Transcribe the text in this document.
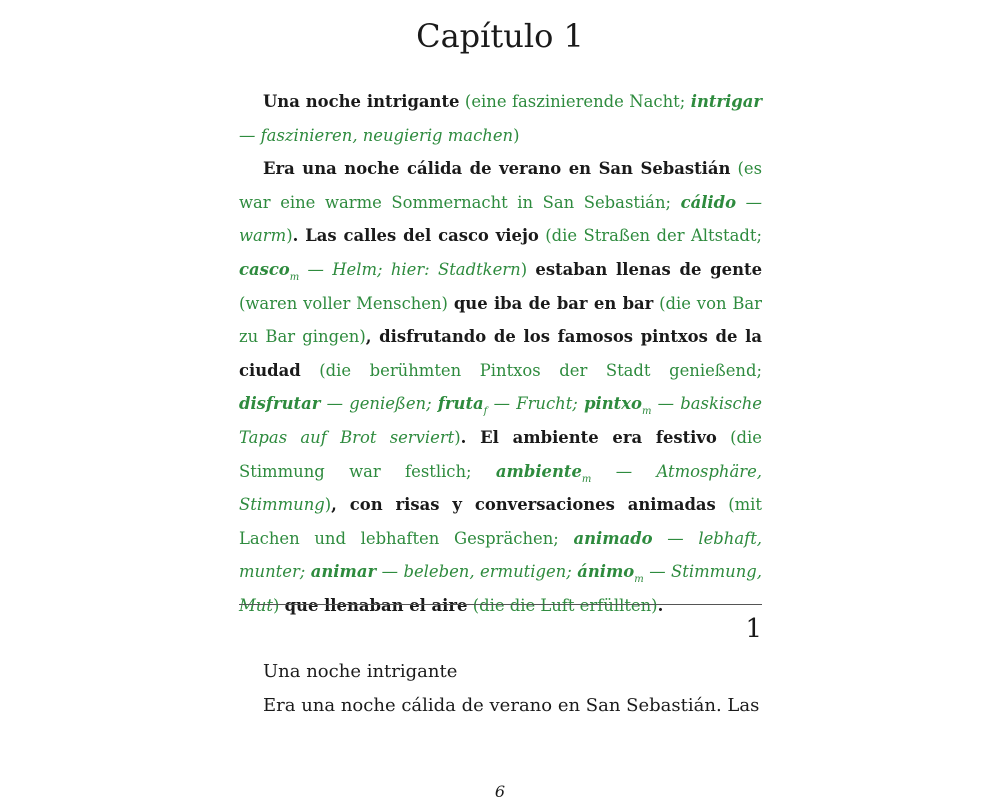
Capítulo 1

Una noche intrigante (eine faszinierende Nacht; intrigar — faszinieren, neugierig machen)

Era una noche cálida de verano en San Sebastián (es war eine warme Sommernacht in San Sebastián; cálido — warm). Las calles del casco viejo (die Straßen der Altstadt; casco$_m$ — Helm; hier: Stadtkern) estaban llenas de gente (waren voller Menschen) que iba de bar en bar (die von Bar zu Bar gingen), disfrutando de los famosos pintxos de la ciudad (die berühmten Pintxos der Stadt genießend; disfrutar — genießen; fruta$_f$ — Frucht; pintxo$_m$ — baskische Tapas auf Brot serviert). El ambiente era festivo (die Stimmung war festlich; ambiente$_m$ — Atmosphäre, Stimmung), con risas y conversaciones animadas (mit Lachen und lebhaften Gesprächen; animado — lebhaft, munter; animar — beleben, ermutigen; ánimo$_m$ — Stimmung, Mut) que llenaban el aire (die die Luft erfüllten).

1

Una noche intrigante

Era una noche cálida de verano en San Sebastián. Las

6
